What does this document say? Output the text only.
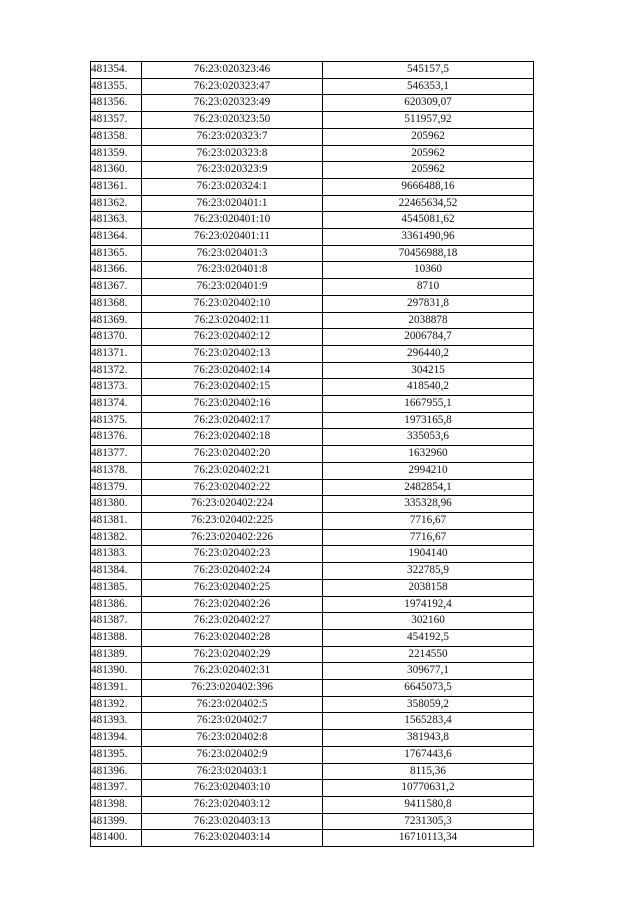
481354.	76:23:020323:46	545157,5
481355.	76:23:020323:47	546353,1
481356.	76:23:020323:49	620309,07
481357.	76:23:020323:50	511957,92
481358.	76:23:020323:7	205962
481359.	76:23:020323:8	205962
481360.	76:23:020323:9	205962
481361.	76:23:020324:1	9666488,16
481362.	76:23:020401:1	22465634,52
481363.	76:23:020401:10	4545081,62
481364.	76:23:020401:11	3361490,96
481365.	76:23:020401:3	70456988,18
481366.	76:23:020401:8	10360
481367.	76:23:020401:9	8710
481368.	76:23:020402:10	297831,8
481369.	76:23:020402:11	2038878
481370.	76:23:020402:12	2006784,7
481371.	76:23:020402:13	296440,2
481372.	76:23:020402:14	304215
481373.	76:23:020402:15	418540,2
481374.	76:23:020402:16	1667955,1
481375.	76:23:020402:17	1973165,8
481376.	76:23:020402:18	335053,6
481377.	76:23:020402:20	1632960
481378.	76:23:020402:21	2994210
481379.	76:23:020402:22	2482854,1
481380.	76:23:020402:224	335328,96
481381.	76:23:020402:225	7716,67
481382.	76:23:020402:226	7716,67
481383.	76:23:020402:23	1904140
481384.	76:23:020402:24	322785,9
481385.	76:23:020402:25	2038158
481386.	76:23:020402:26	1974192,4
481387.	76:23:020402:27	302160
481388.	76:23:020402:28	454192,5
481389.	76:23:020402:29	2214550
481390.	76:23:020402:31	309677,1
481391.	76:23:020402:396	6645073,5
481392.	76:23:020402:5	358059,2
481393.	76:23:020402:7	1565283,4
481394.	76:23:020402:8	381943,8
481395.	76:23:020402:9	1767443,6
481396.	76:23:020403:1	8115,36
481397.	76:23:020403:10	10770631,2
481398.	76:23:020403:12	9411580,8
481399.	76:23:020403:13	7231305,3
481400.	76:23:020403:14	16710113,34
